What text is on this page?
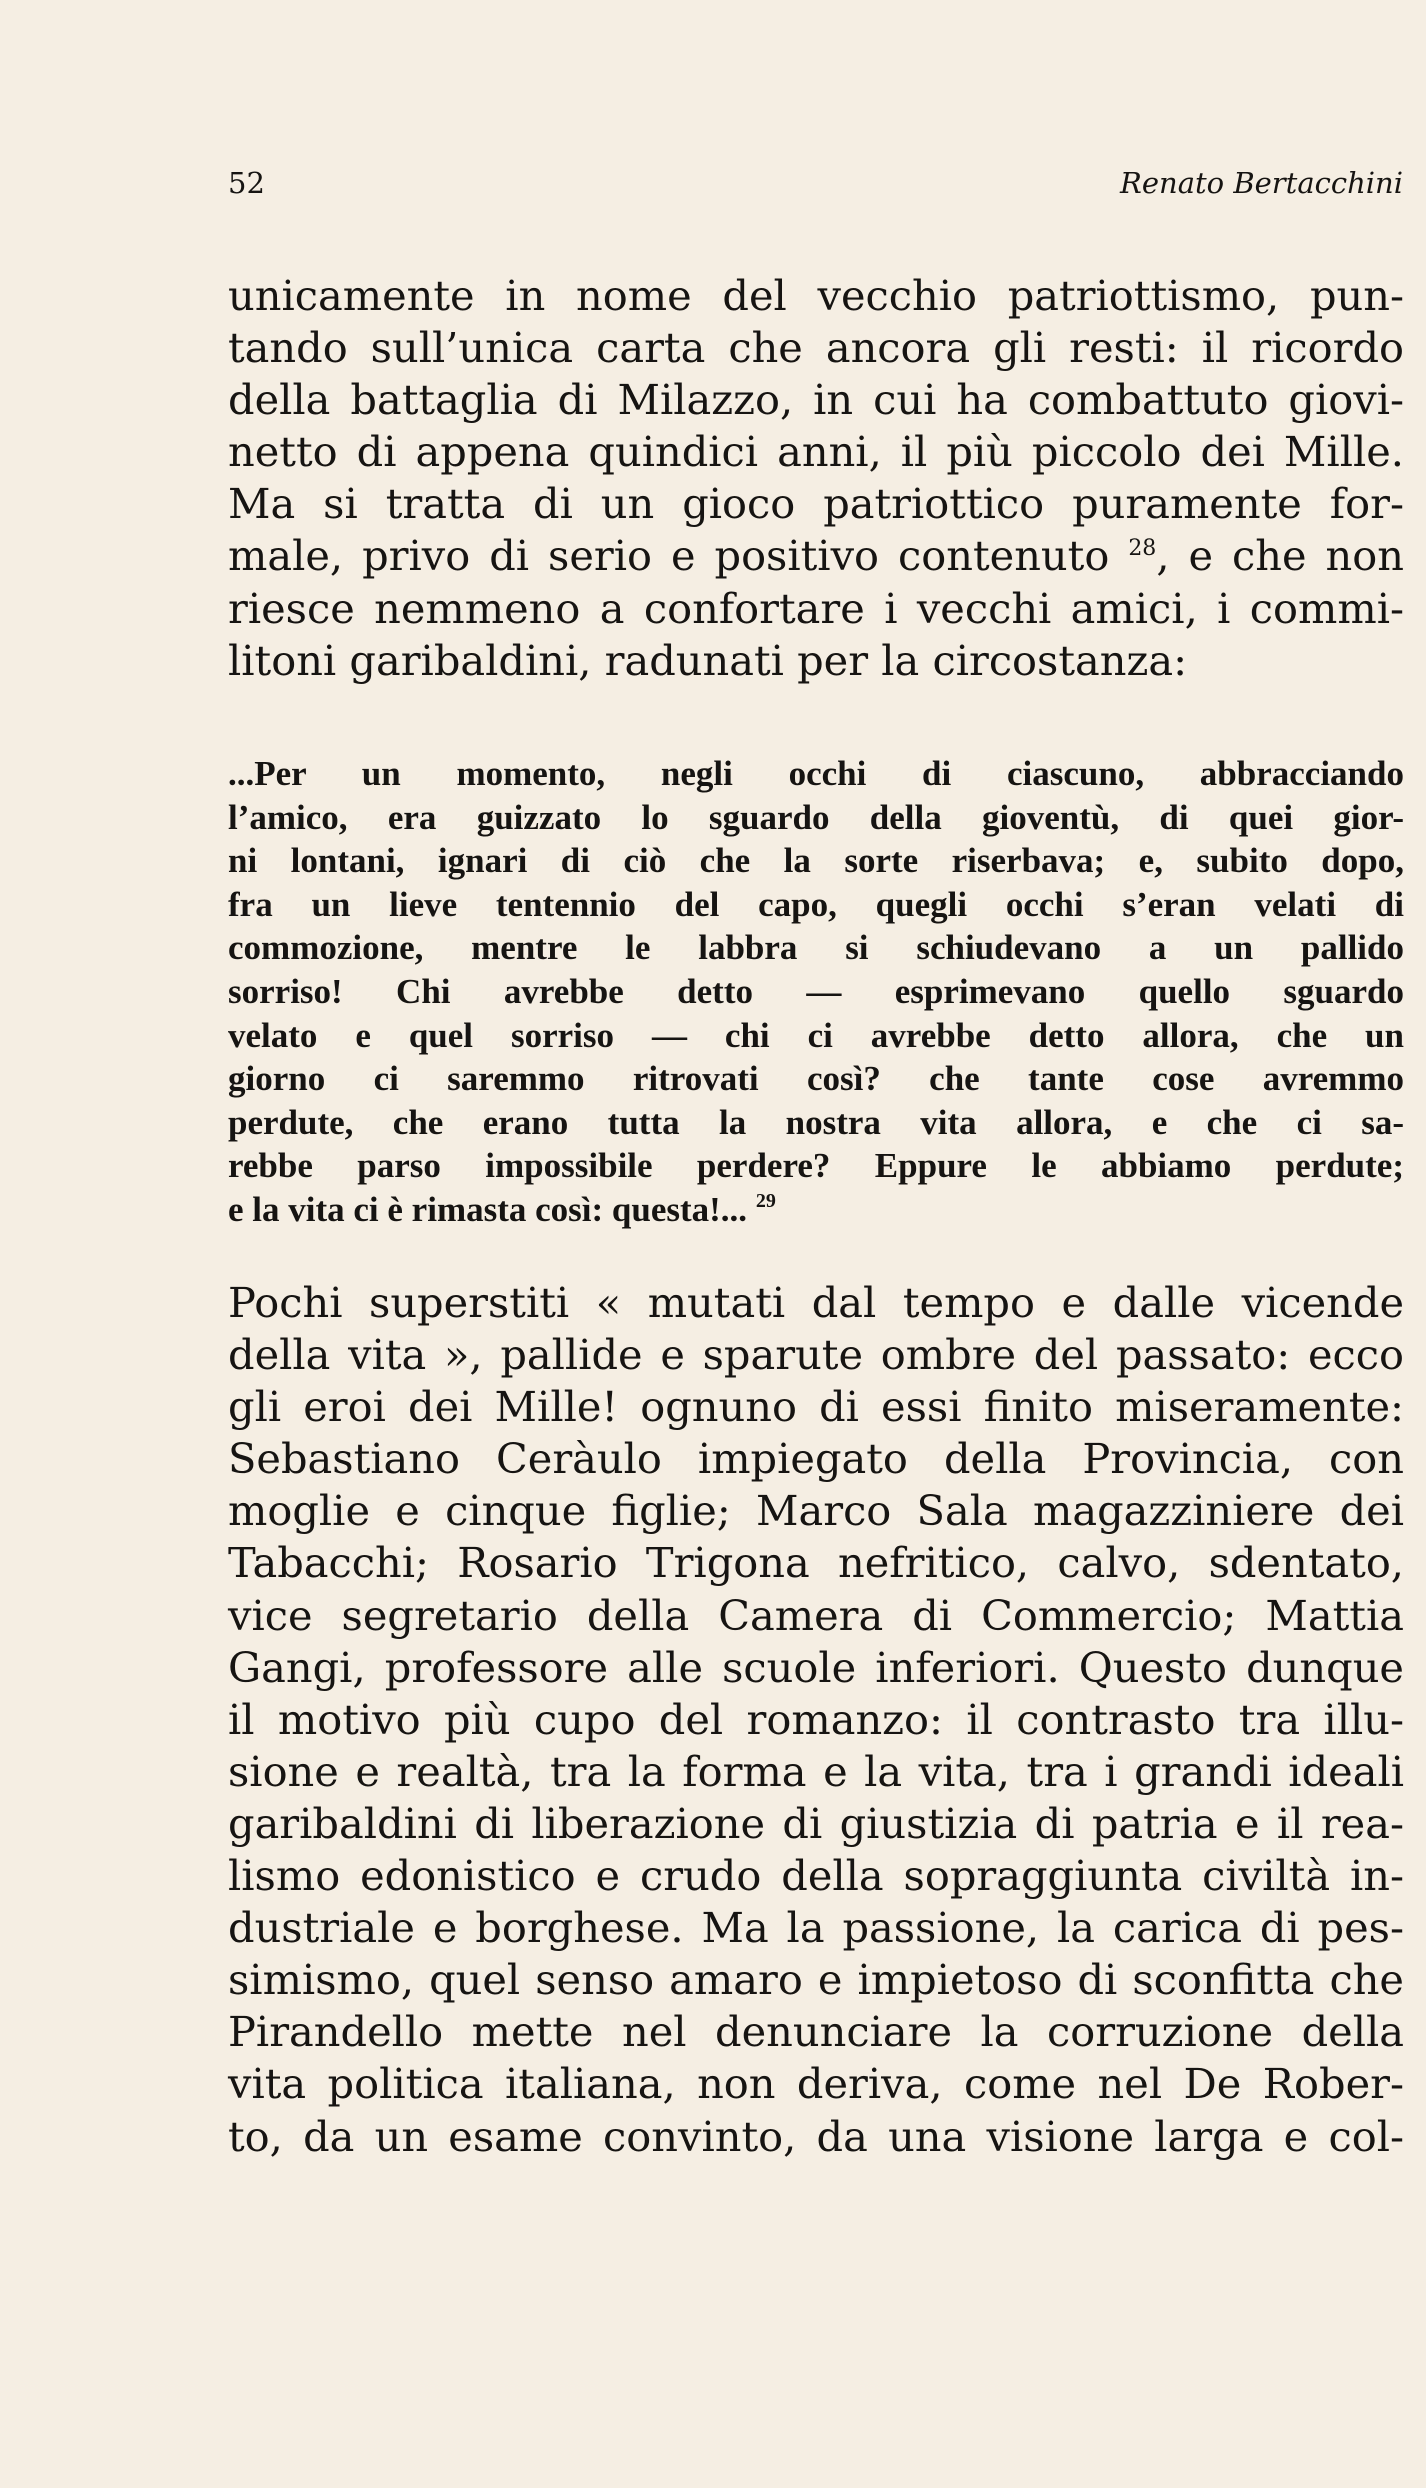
52	Renato Bertacchini
unicamente in nome del vecchio patriottismo, pun-
tando sull’unica carta che ancora gli resti: il ricordo
della battaglia di Milazzo, in cui ha combattuto giovi-
netto di appena quindici anni, il più piccolo dei Mille.
Ma si tratta di un gioco patriottico puramente for-
male, privo di serio e positivo contenuto $^{28}$, e che non
riesce nemmeno a confortare i vecchi amici, i commi-
litoni garibaldini, radunati per la circostanza:
...Per un momento, negli occhi di ciascuno, abbracciando
l’amico, era guizzato lo sguardo della gioventù, di quei gior-
ni lontani, ignari di ciò che la sorte riserbava; e, subito dopo,
fra un lieve tentennio del capo, quegli occhi s’eran velati di
commozione, mentre le labbra si schiudevano a un pallido
sorriso! Chi avrebbe detto — esprimevano quello sguardo
velato e quel sorriso — chi ci avrebbe detto allora, che un
giorno ci saremmo ritrovati così? che tante cose avremmo
perdute, che erano tutta la nostra vita allora, e che ci sa-
rebbe parso impossibile perdere? Eppure le abbiamo perdute;
e la vita ci è rimasta così: questa!... $^{29}$
Pochi superstiti « mutati dal tempo e dalle vicende
della vita », pallide e sparute ombre del passato: ecco
gli eroi dei Mille! ognuno di essi finito miseramente:
Sebastiano Ceràulo impiegato della Provincia, con
moglie e cinque figlie; Marco Sala magazziniere dei
Tabacchi; Rosario Trigona nefritico, calvo, sdentato,
vice segretario della Camera di Commercio; Mattia
Gangi, professore alle scuole inferiori. Questo dunque
il motivo più cupo del romanzo: il contrasto tra illu-
sione e realtà, tra la forma e la vita, tra i grandi ideali
garibaldini di liberazione di giustizia di patria e il rea-
lismo edonistico e crudo della sopraggiunta civiltà in-
dustriale e borghese. Ma la passione, la carica di pes-
simismo, quel senso amaro e impietoso di sconfitta che
Pirandello mette nel denunciare la corruzione della
vita politica italiana, non deriva, come nel De Rober-
to, da un esame convinto, da una visione larga e col-
